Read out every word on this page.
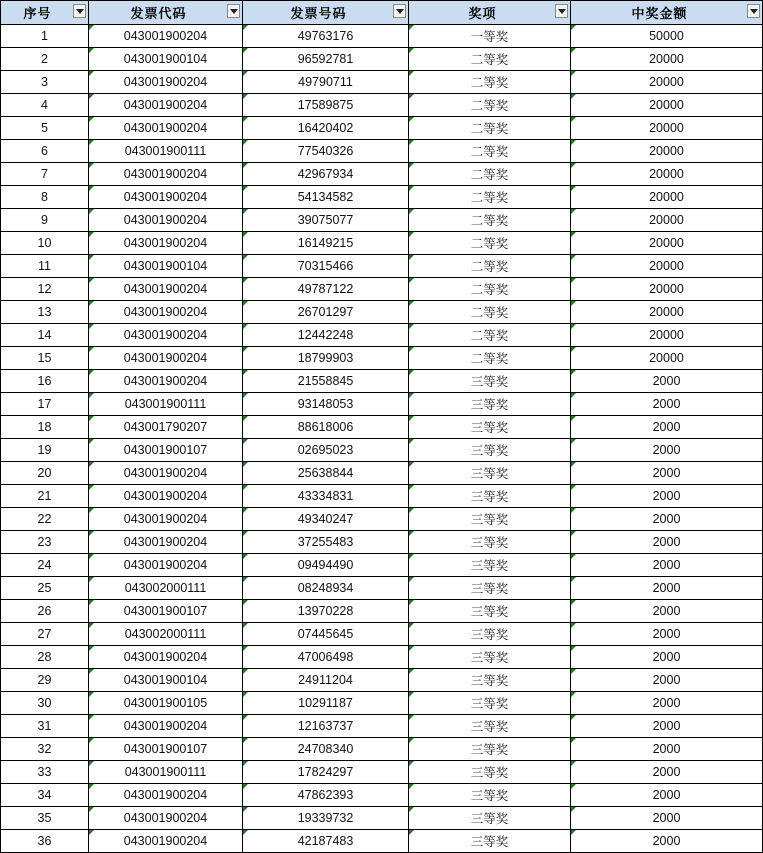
序号	发票代码	发票号码	奖项	中奖金额

1	043001900204	49763176	一等奖	50000
2	043001900104	96592781	二等奖	20000
3	043001900204	49790711	二等奖	20000
4	043001900204	17589875	二等奖	20000
5	043001900204	16420402	二等奖	20000
6	043001900111	77540326	二等奖	20000
7	043001900204	42967934	二等奖	20000
8	043001900204	54134582	二等奖	20000
9	043001900204	39075077	二等奖	20000
10	043001900204	16149215	二等奖	20000
11	043001900104	70315466	二等奖	20000
12	043001900204	49787122	二等奖	20000
13	043001900204	26701297	二等奖	20000
14	043001900204	12442248	二等奖	20000
15	043001900204	18799903	二等奖	20000
16	043001900204	21558845	三等奖	2000
17	043001900111	93148053	三等奖	2000
18	043001790207	88618006	三等奖	2000
19	043001900107	02695023	三等奖	2000
20	043001900204	25638844	三等奖	2000
21	043001900204	43334831	三等奖	2000
22	043001900204	49340247	三等奖	2000
23	043001900204	37255483	三等奖	2000
24	043001900204	09494490	三等奖	2000
25	043002000111	08248934	三等奖	2000
26	043001900107	13970228	三等奖	2000
27	043002000111	07445645	三等奖	2000
28	043001900204	47006498	三等奖	2000
29	043001900104	24911204	三等奖	2000
30	043001900105	10291187	三等奖	2000
31	043001900204	12163737	三等奖	2000
32	043001900107	24708340	三等奖	2000
33	043001900111	17824297	三等奖	2000
34	043001900204	47862393	三等奖	2000
35	043001900204	19339732	三等奖	2000
36	043001900204	42187483	三等奖	2000
